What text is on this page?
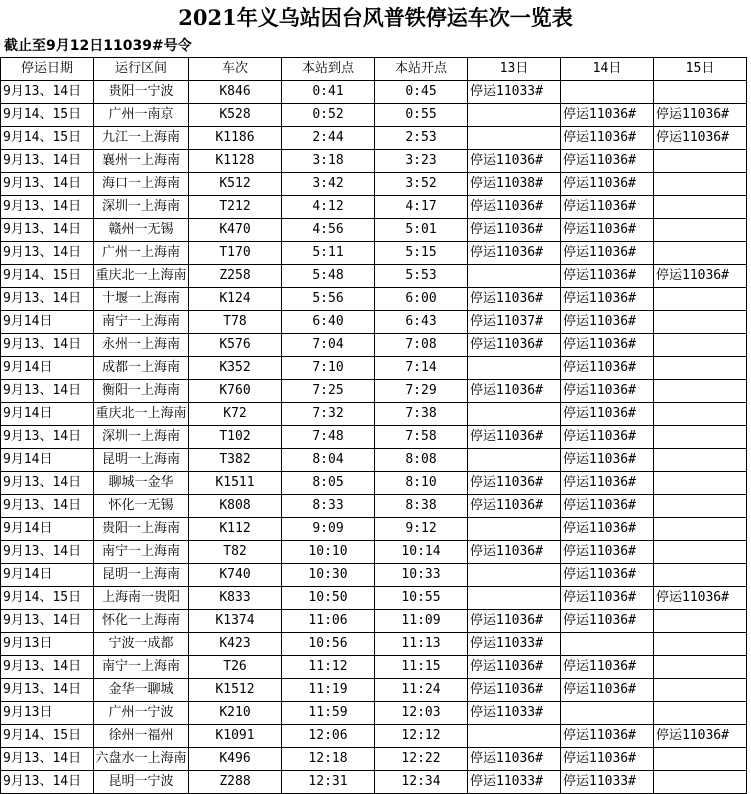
2021年义乌站因台风普铁停运车次一览表
截止至9月12日11039#号令
停运日期	运行区间	车次	本站到点	本站开点	13日	14日	15日
9月13、14日	贵阳一宁波	K846	0:41	0:45	停运11033#		
9月14、15日	广州一南京	K528	0:52	0:55		停运11036#	停运11036#
9月14、15日	九江一上海南	K1186	2:44	2:53		停运11036#	停运11036#
9月13、14日	襄州一上海南	K1128	3:18	3:23	停运11036#	停运11036#	
9月13、14日	海口一上海南	K512	3:42	3:52	停运11038#	停运11036#	
9月13、14日	深圳一上海南	T212	4:12	4:17	停运11036#	停运11036#	
9月13、14日	赣州一无锡	K470	4:56	5:01	停运11036#	停运11036#	
9月13、14日	广州一上海南	T170	5:11	5:15	停运11036#	停运11036#	
9月14、15日	重庆北一上海南	Z258	5:48	5:53		停运11036#	停运11036#
9月13、14日	十堰一上海南	K124	5:56	6:00	停运11036#	停运11036#	
9月14日	南宁一上海南	T78	6:40	6:43	停运11037#	停运11036#	
9月13、14日	永州一上海南	K576	7:04	7:08	停运11036#	停运11036#	
9月14日	成都一上海南	K352	7:10	7:14		停运11036#	
9月13、14日	衡阳一上海南	K760	7:25	7:29	停运11036#	停运11036#	
9月14日	重庆北一上海南	K72	7:32	7:38		停运11036#	
9月13、14日	深圳一上海南	T102	7:48	7:58	停运11036#	停运11036#	
9月14日	昆明一上海南	T382	8:04	8:08		停运11036#	
9月13、14日	聊城一金华	K1511	8:05	8:10	停运11036#	停运11036#	
9月13、14日	怀化一无锡	K808	8:33	8:38	停运11036#	停运11036#	
9月14日	贵阳一上海南	K112	9:09	9:12		停运11036#	
9月13、14日	南宁一上海南	T82	10:10	10:14	停运11036#	停运11036#	
9月14日	昆明一上海南	K740	10:30	10:33		停运11036#	
9月14、15日	上海南一贵阳	K833	10:50	10:55		停运11036#	停运11036#
9月13、14日	怀化一上海南	K1374	11:06	11:09	停运11036#	停运11036#	
9月13日	宁波一成都	K423	10:56	11:13	停运11033#		
9月13、14日	南宁一上海南	T26	11:12	11:15	停运11036#	停运11036#	
9月13、14日	金华一聊城	K1512	11:19	11:24	停运11036#	停运11036#	
9月13日	广州一宁波	K210	11:59	12:03	停运11033#		
9月14、15日	徐州一福州	K1091	12:06	12:12		停运11036#	停运11036#
9月13、14日	六盘水一上海南	K496	12:18	12:22	停运11036#	停运11036#	
9月13、14日	昆明一宁波	Z288	12:31	12:34	停运11033#	停运11033#	
